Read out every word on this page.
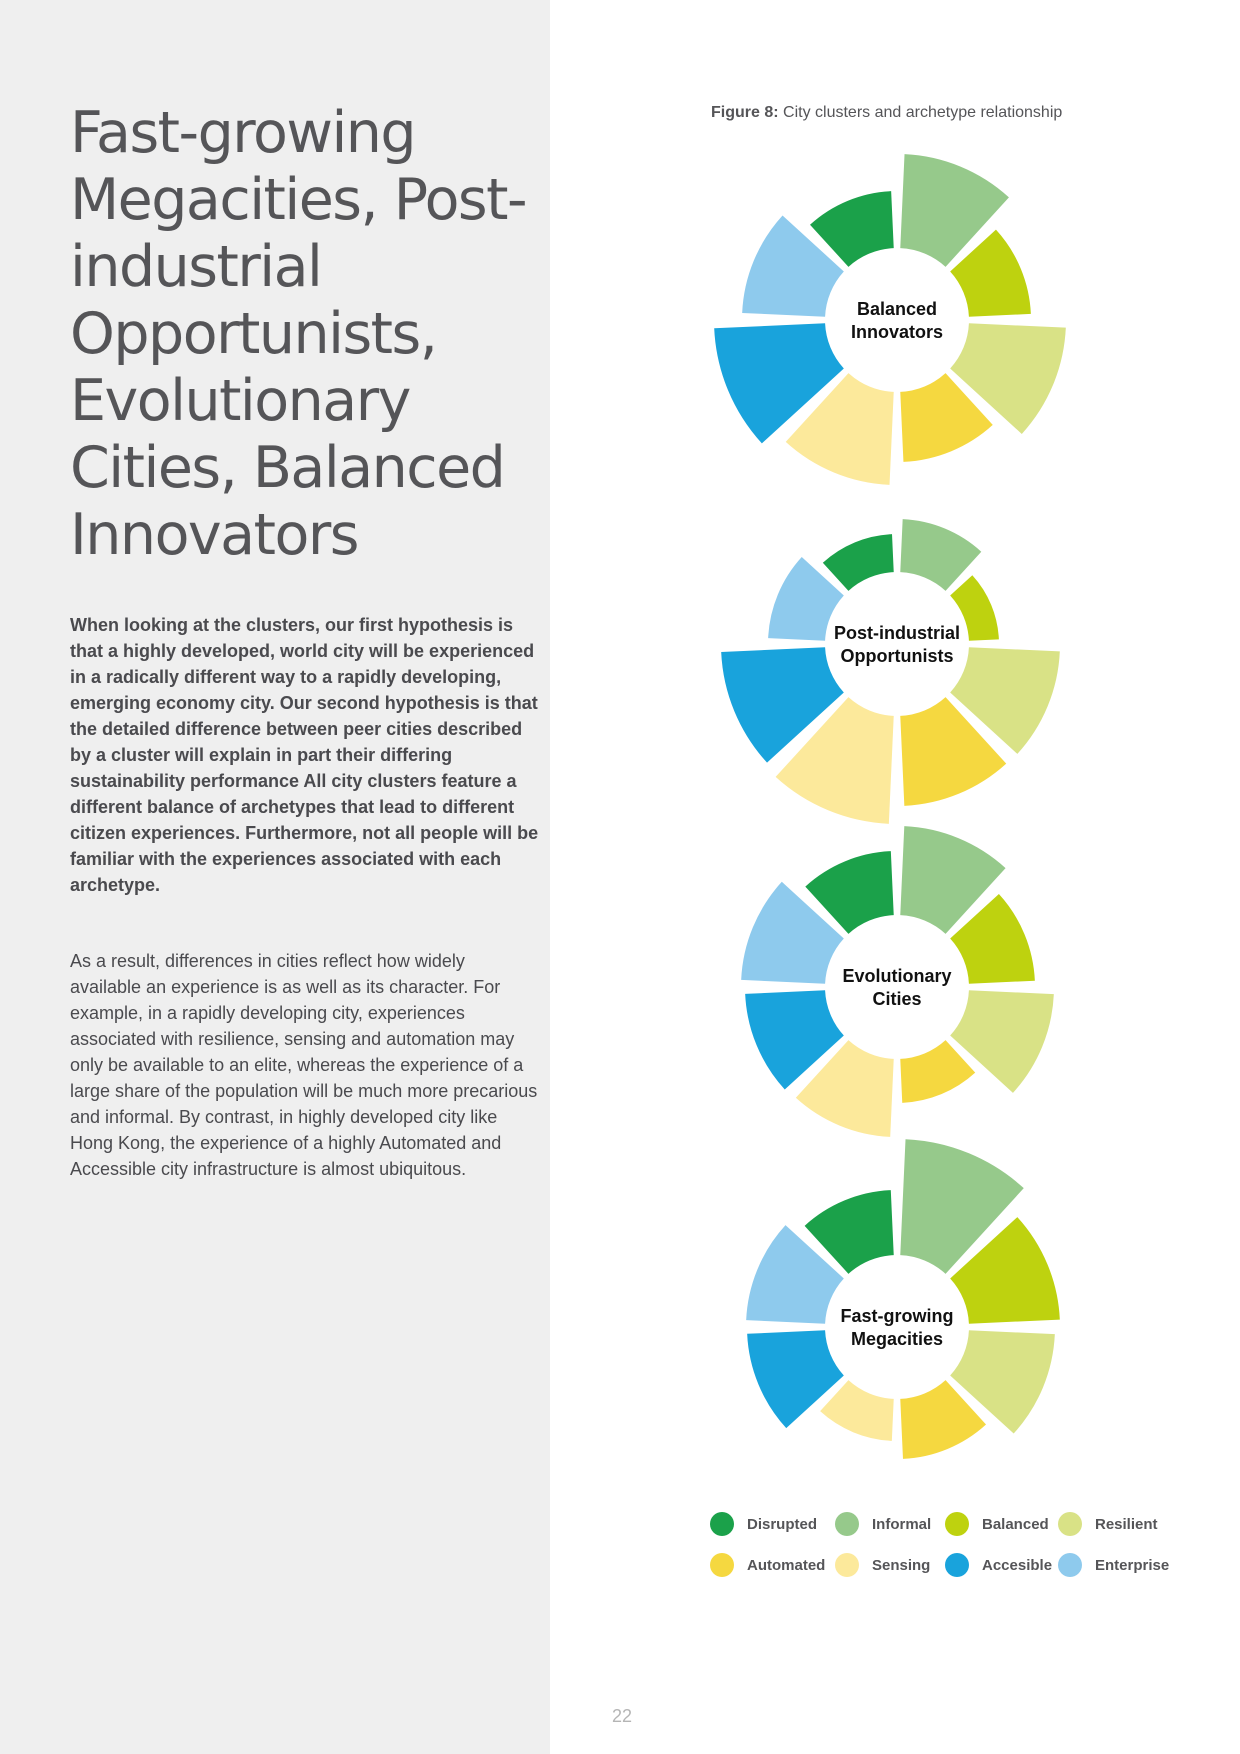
Fast-growing Megacities, Post-industrial Opportunists, Evolutionary Cities, Balanced Innovators

When looking at the clusters, our first hypothesis is that a highly developed, world city will be experienced in a radically different way to a rapidly developing, emerging economy city. Our second hypothesis is that the detailed difference between peer cities described by a cluster will explain in part their differing sustainability performance All city clusters feature a different balance of archetypes that lead to different citizen experiences. Furthermore, not all people will be familiar with the experiences associated with each archetype.

As a result, differences in cities reflect how widely available an experience is as well as its character. For example, in a rapidly developing city, experiences associated with resilience, sensing and automation may only be available to an elite, whereas the experience of a large share of the population will be much more precarious and informal. By contrast, in highly developed city like Hong Kong, the experience of a highly Automated and Accessible city infrastructure is almost ubiquitous.

Figure 8: City clusters and archetype relationship

Balanced Innovators
Post-industrial Opportunists
Evolutionary Cities
Fast-growing Megacities
Disrupted	Informal	Balanced	Resilient
Automated	Sensing	Accesible	Enterprise
22
